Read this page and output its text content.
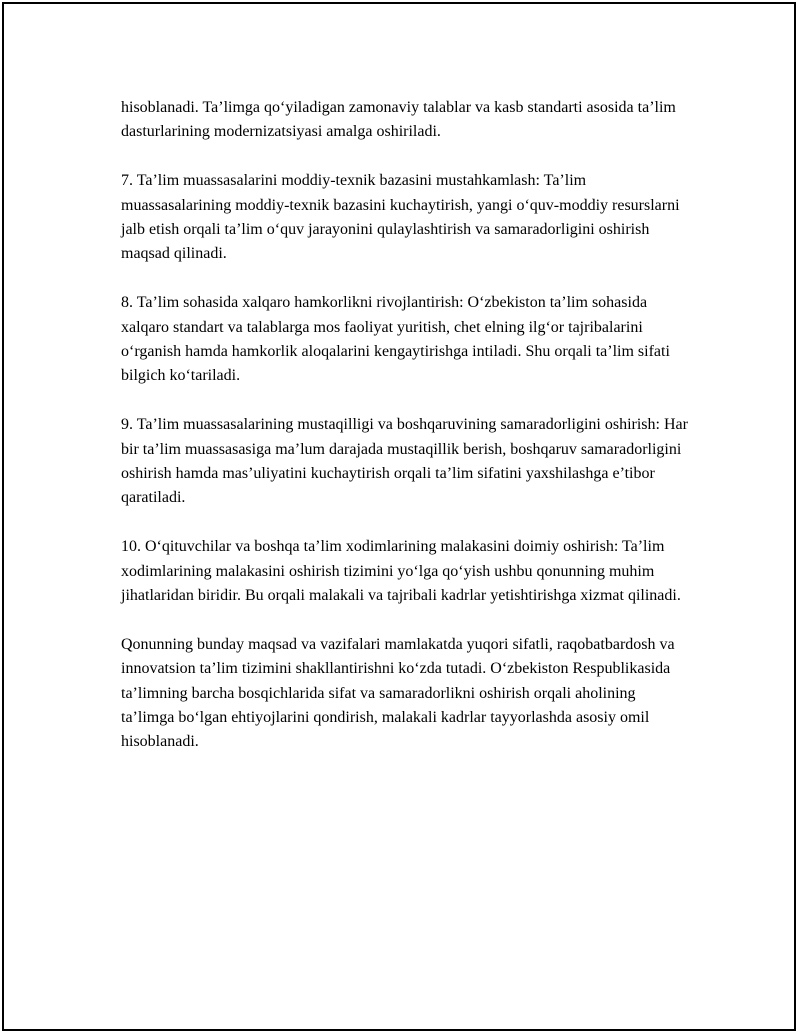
hisoblanadi. Ta’limga qo‘yiladigan zamonaviy talablar va kasb standarti asosida ta’lim dasturlarining modernizatsiyasi amalga oshiriladi.

7. Ta’lim muassasalarini moddiy-texnik bazasini mustahkamlash: Ta’lim muassasalarining moddiy-texnik bazasini kuchaytirish, yangi o‘quv-moddiy resurslarni jalb etish orqali ta’lim o‘quv jarayonini qulaylashtirish va samaradorligini oshirish maqsad qilinadi.

8. Ta’lim sohasida xalqaro hamkorlikni rivojlantirish: O‘zbekiston ta’lim sohasida xalqaro standart va talablarga mos faoliyat yuritish, chet elning ilg‘or tajribalarini o‘rganish hamda hamkorlik aloqalarini kengaytirishga intiladi. Shu orqali ta’lim sifati bilgich ko‘tariladi.

9. Ta’lim muassasalarining mustaqilligi va boshqaruvining samaradorligini oshirish: Har bir ta’lim muassasasiga ma’lum darajada mustaqillik berish, boshqaruv samaradorligini oshirish hamda mas’uliyatini kuchaytirish orqali ta’lim sifatini yaxshilashga e’tibor qaratiladi.

10. O‘qituvchilar va boshqa ta’lim xodimlarining malakasini doimiy oshirish: Ta’lim xodimlarining malakasini oshirish tizimini yo‘lga qo‘yish ushbu qonunning muhim jihatlaridan biridir. Bu orqali malakali va tajribali kadrlar yetishtirishga xizmat qilinadi.

Qonunning bunday maqsad va vazifalari mamlakatda yuqori sifatli, raqobatbardosh va innovatsion ta’lim tizimini shakllantirishni ko‘zda tutadi. O‘zbekiston Respublikasida ta’limning barcha bosqichlarida sifat va samaradorlikni oshirish orqali aholining ta’limga bo‘lgan ehtiyojlarini qondirish, malakali kadrlar tayyorlashda asosiy omil hisoblanadi.
